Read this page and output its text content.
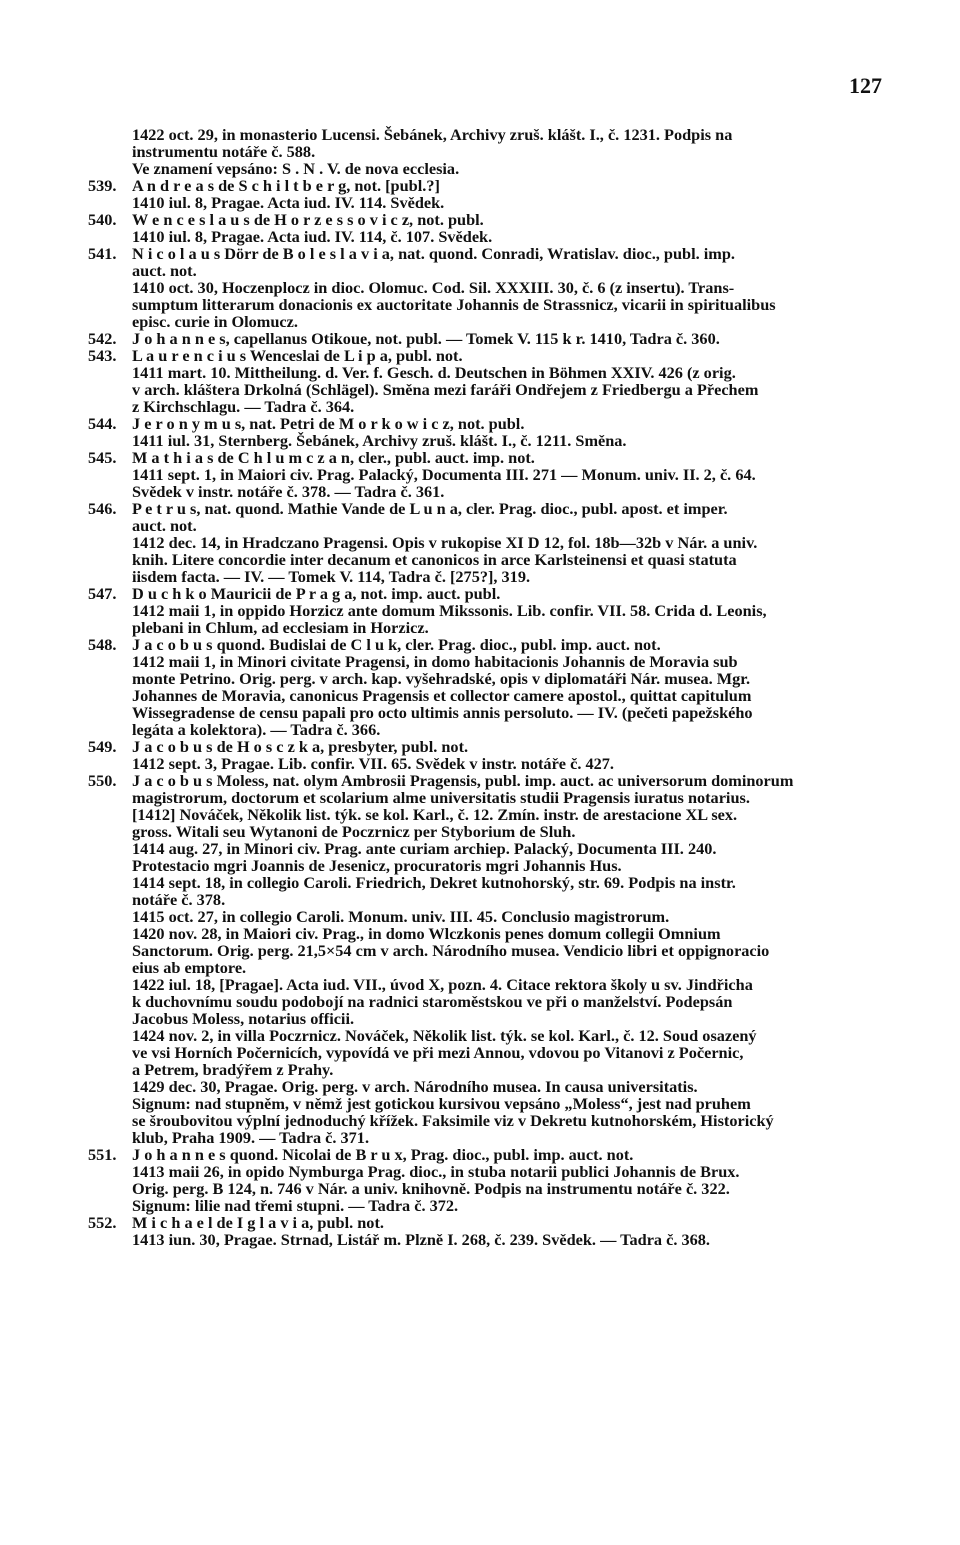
127
1422 oct. 29, in monasterio Lucensi. Šebánek, Archivy zruš. klášt. I., č. 1231. Podpis na
instrumentu notáře č. 588.
Ve znamení vepsáno: S . N . V. de nova ecclesia.
539. A n d r e a s de S c h i l t b e r g, not. [publ.?]
1410 iul. 8, Pragae. Acta iud. IV. 114. Svědek.
540. W e n c e s l a u s de H o r z e s s o v i c z, not. publ.
1410 iul. 8, Pragae. Acta iud. IV. 114, č. 107. Svědek.
541. N i c o l a u s Dörr de B o l e s l a v i a, nat. quond. Conradi, Wratislav. dioc., publ. imp.
auct. not.
1410 oct. 30, Hoczenplocz in dioc. Olomuc. Cod. Sil. XXXIII. 30, č. 6 (z insertu). Trans-
sumptum litterarum donacionis ex auctoritate Johannis de Strassnicz, vicarii in spiritualibus
episc. curie in Olomucz.
542. J o h a n n e s, capellanus Otikoue, not. publ. — Tomek V. 115 k r. 1410, Tadra č. 360.
543. L a u r e n c i u s Wenceslai de L i p a, publ. not.
1411 mart. 10. Mittheilung. d. Ver. f. Gesch. d. Deutschen in Böhmen XXIV. 426 (z orig.
v arch. kláštera Drkolná (Schlägel). Směna mezi faráři Ondřejem z Friedbergu a Přechem
z Kirchschlagu. — Tadra č. 364.
544. J e r o n y m u s, nat. Petri de M o r k o w i c z, not. publ.
1411 iul. 31, Sternberg. Šebánek, Archivy zruš. klášt. I., č. 1211. Směna.
545. M a t h i a s de C h l u m c z a n, cler., publ. auct. imp. not.
1411 sept. 1, in Maiori civ. Prag. Palacký, Documenta III. 271 — Monum. univ. II. 2, č. 64.
Svědek v instr. notáře č. 378. — Tadra č. 361.
546. P e t r u s, nat. quond. Mathie Vande de L u n a, cler. Prag. dioc., publ. apost. et imper.
auct. not.
1412 dec. 14, in Hradczano Pragensi. Opis v rukopise XI D 12, fol. 18b—32b v Nár. a univ.
knih. Litere concordie inter decanum et canonicos in arce Karlsteinensi et quasi statuta
iisdem facta. — IV. — Tomek V. 114, Tadra č. [275?], 319.
547. D u c h k o Mauricii de P r a g a, not. imp. auct. publ.
1412 maii 1, in oppido Horzicz ante domum Mikssonis. Lib. confir. VII. 58. Crida d. Leonis,
plebani in Chlum, ad ecclesiam in Horzicz.
548. J a c o b u s quond. Budislai de C l u k, cler. Prag. dioc., publ. imp. auct. not.
1412 maii 1, in Minori civitate Pragensi, in domo habitacionis Johannis de Moravia sub
monte Petrino. Orig. perg. v arch. kap. vyšehradské, opis v diplomatáři Nár. musea. Mgr.
Johannes de Moravia, canonicus Pragensis et collector camere apostol., quittat capitulum
Wissegradense de censu papali pro octo ultimis annis persoluto. — IV. (pečeti papežského
legáta a kolektora). — Tadra č. 366.
549. J a c o b u s de H o s c z k a, presbyter, publ. not.
1412 sept. 3, Pragae. Lib. confir. VII. 65. Svědek v instr. notáře č. 427.
550. J a c o b u s Moless, nat. olym Ambrosii Pragensis, publ. imp. auct. ac universorum dominorum
magistrorum, doctorum et scolarium alme universitatis studii Pragensis iuratus notarius.
[1412] Nováček, Několik list. týk. se kol. Karl., č. 12. Zmín. instr. de arestacione XL sex.
gross. Witali seu Wytanoni de Poczrnicz per Styborium de Sluh.
1414 aug. 27, in Minori civ. Prag. ante curiam archiep. Palacký, Documenta III. 240.
Protestacio mgri Joannis de Jesenicz, procuratoris mgri Johannis Hus.
1414 sept. 18, in collegio Caroli. Friedrich, Dekret kutnohorský, str. 69. Podpis na instr.
notáře č. 378.
1415 oct. 27, in collegio Caroli. Monum. univ. III. 45. Conclusio magistrorum.
1420 nov. 28, in Maiori civ. Prag., in domo Wlczkonis penes domum collegii Omnium
Sanctorum. Orig. perg. 21,5×54 cm v arch. Národního musea. Vendicio libri et oppignoracio
eius ab emptore.
1422 iul. 18, [Pragae]. Acta iud. VII., úvod X, pozn. 4. Citace rektora školy u sv. Jindřicha
k duchovnímu soudu podobojí na radnici staroměstskou ve při o manželství. Podepsán
Jacobus Moless, notarius officii.
1424 nov. 2, in villa Poczrnicz. Nováček, Několik list. týk. se kol. Karl., č. 12. Soud osazený
ve vsi Horních Počernicích, vypovídá ve při mezi Annou, vdovou po Vitanovi z Počernic,
a Petrem, bradýřem z Prahy.
1429 dec. 30, Pragae. Orig. perg. v arch. Národního musea. In causa universitatis.
Signum: nad stupněm, v němž jest gotickou kursivou vepsáno „Moless“, jest nad pruhem
se šroubovitou výplní jednoduchý křížek. Faksimile viz v Dekretu kutnohorském, Historický
klub, Praha 1909. — Tadra č. 371.
551. J o h a n n e s quond. Nicolai de B r u x, Prag. dioc., publ. imp. auct. not.
1413 maii 26, in opido Nymburga Prag. dioc., in stuba notarii publici Johannis de Brux.
Orig. perg. B 124, n. 746 v Nár. a univ. knihovně. Podpis na instrumentu notáře č. 322.
Signum: lilie nad třemi stupni. — Tadra č. 372.
552. M i c h a e l de I g l a v i a, publ. not.
1413 iun. 30, Pragae. Strnad, Listář m. Plzně I. 268, č. 239. Svědek. — Tadra č. 368.
